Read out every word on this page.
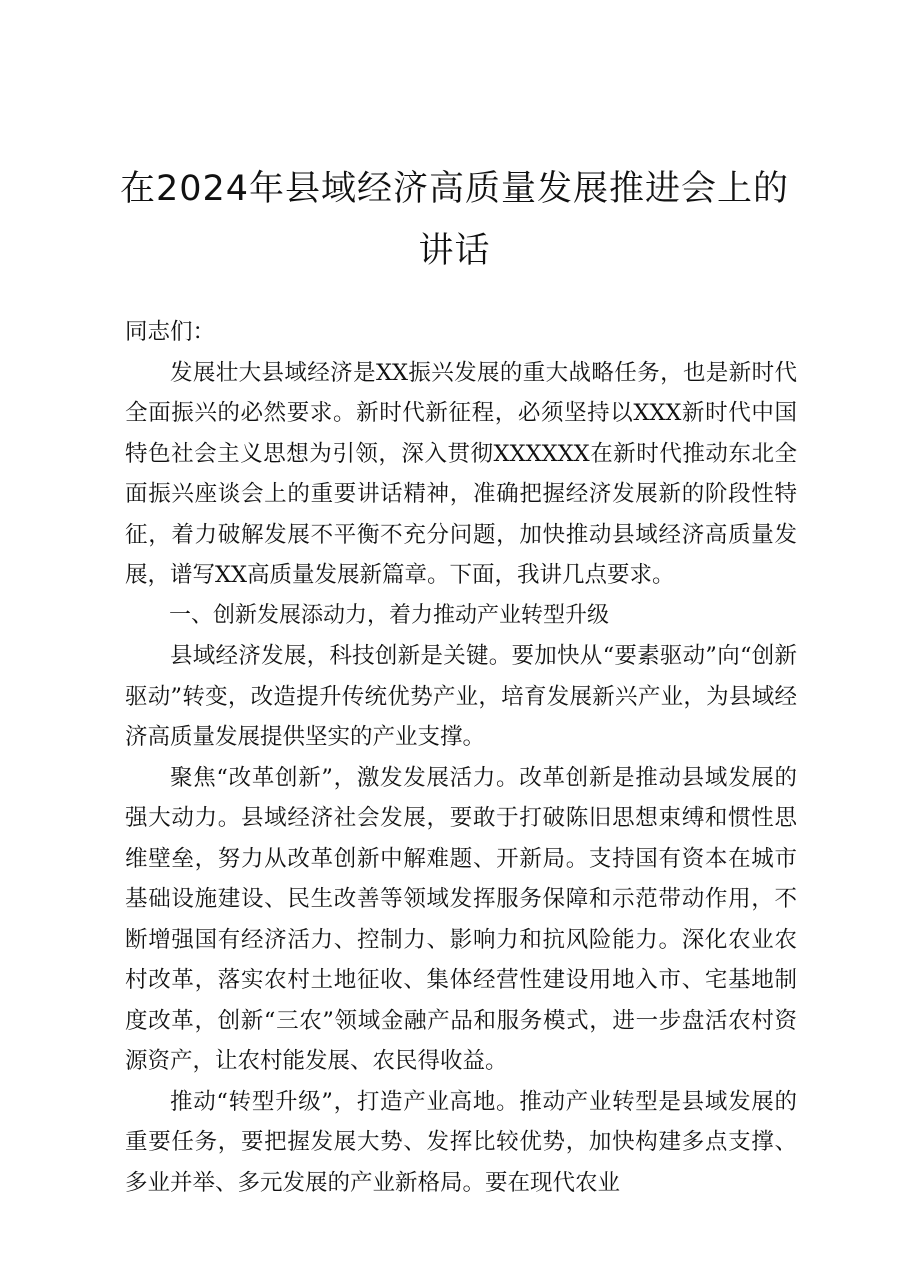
在2024年县域经济高质量发展推进会上的讲话

同志们：

发展壮大县域经济是XX振兴发展的重大战略任务，也是新时代全面振兴的必然要求。新时代新征程，必须坚持以XXX新时代中国特色社会主义思想为引领，深入贯彻XXXXXX在新时代推动东北全面振兴座谈会上的重要讲话精神，准确把握经济发展新的阶段性特征，着力破解发展不平衡不充分问题，加快推动县域经济高质量发展，谱写XX高质量发展新篇章。下面，我讲几点要求。

一、创新发展添动力，着力推动产业转型升级

县域经济发展，科技创新是关键。要加快从“要素驱动”向“创新驱动”转变，改造提升传统优势产业，培育发展新兴产业，为县域经济高质量发展提供坚实的产业支撑。

聚焦“改革创新”，激发发展活力。改革创新是推动县域发展的强大动力。县域经济社会发展，要敢于打破陈旧思想束缚和惯性思维壁垒，努力从改革创新中解难题、开新局。支持国有资本在城市基础设施建设、民生改善等领域发挥服务保障和示范带动作用，不断增强国有经济活力、控制力、影响力和抗风险能力。深化农业农村改革，落实农村土地征收、集体经营性建设用地入市、宅基地制度改革，创新“三农”领域金融产品和服务模式，进一步盘活农村资源资产，让农村能发展、农民得收益。

推动“转型升级”，打造产业高地。推动产业转型是县域发展的重要任务，要把握发展大势、发挥比较优势，加快构建多点支撑、多业并举、多元发展的产业新格局。要在现代农业
